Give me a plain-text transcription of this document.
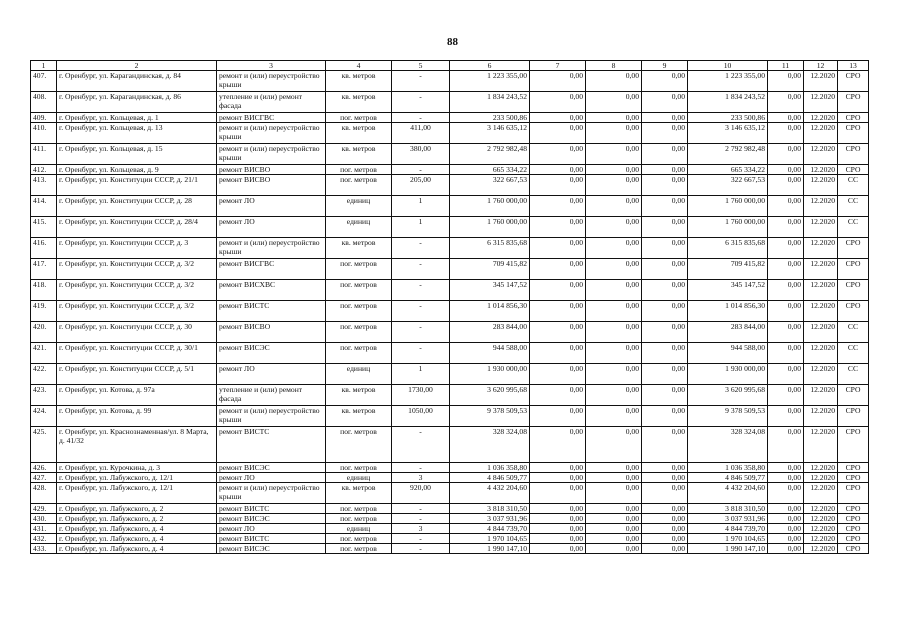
88
1	2	3	4	5	6	7	8	9	10	11	12	13
407.	г. Оренбург, ул. Карагандинская, д. 84	ремонт и (или) переустройство крыши	кв. метров	-	1 223 355,00	0,00	0,00	0,00	1 223 355,00	0,00	12.2020	СРО
408.	г. Оренбург, ул. Карагандинская, д. 86	утепление и (или) ремонт фасада	кв. метров	-	1 834 243,52	0,00	0,00	0,00	1 834 243,52	0,00	12.2020	СРО
409.	г. Оренбург, ул. Кольцевая, д. 1	ремонт ВИСГВС	пог. метров	-	233 500,86	0,00	0,00	0,00	233 500,86	0,00	12.2020	СРО
410.	г. Оренбург, ул. Кольцевая, д. 13	ремонт и (или) переустройство крыши	кв. метров	411,00	3 146 635,12	0,00	0,00	0,00	3 146 635,12	0,00	12.2020	СРО
411.	г. Оренбург, ул. Кольцевая, д. 15	ремонт и (или) переустройство крыши	кв. метров	380,00	2 792 982,48	0,00	0,00	0,00	2 792 982,48	0,00	12.2020	СРО
412.	г. Оренбург, ул. Кольцевая, д. 9	ремонт ВИСВО	пог. метров	-	665 334,22	0,00	0,00	0,00	665 334,22	0,00	12.2020	СРО
413.	г. Оренбург, ул. Конституции СССР, д. 21/1	ремонт ВИСВО	пог. метров	205,00	322 667,53	0,00	0,00	0,00	322 667,53	0,00	12.2020	СС
414.	г. Оренбург, ул. Конституции СССР, д. 28	ремонт ЛО	единиц	1	1 760 000,00	0,00	0,00	0,00	1 760 000,00	0,00	12.2020	СС
415.	г. Оренбург, ул. Конституции СССР, д. 28/4	ремонт ЛО	единиц	1	1 760 000,00	0,00	0,00	0,00	1 760 000,00	0,00	12.2020	СС
416.	г. Оренбург, ул. Конституции СССР, д. 3	ремонт и (или) переустройство крыши	кв. метров	-	6 315 835,68	0,00	0,00	0,00	6 315 835,68	0,00	12.2020	СРО
417.	г. Оренбург, ул. Конституции СССР, д. 3/2	ремонт ВИСГВС	пог. метров	-	709 415,82	0,00	0,00	0,00	709 415,82	0,00	12.2020	СРО
418.	г. Оренбург, ул. Конституции СССР, д. 3/2	ремонт ВИСХВС	пог. метров	-	345 147,52	0,00	0,00	0,00	345 147,52	0,00	12.2020	СРО
419.	г. Оренбург, ул. Конституции СССР, д. 3/2	ремонт ВИСТС	пог. метров	-	1 014 856,30	0,00	0,00	0,00	1 014 856,30	0,00	12.2020	СРО
420.	г. Оренбург, ул. Конституции СССР, д. 30	ремонт ВИСВО	пог. метров	-	283 844,00	0,00	0,00	0,00	283 844,00	0,00	12.2020	СС
421.	г. Оренбург, ул. Конституции СССР, д. 30/1	ремонт ВИСЭС	пог. метров	-	944 588,00	0,00	0,00	0,00	944 588,00	0,00	12.2020	СС
422.	г. Оренбург, ул. Конституции СССР, д. 5/1	ремонт ЛО	единиц	1	1 930 000,00	0,00	0,00	0,00	1 930 000,00	0,00	12.2020	СС
423.	г. Оренбург, ул. Котова, д. 97а	утепление и (или) ремонт фасада	кв. метров	1730,00	3 620 995,68	0,00	0,00	0,00	3 620 995,68	0,00	12.2020	СРО
424.	г. Оренбург, ул. Котова, д. 99	ремонт и (или) переустройство крыши	кв. метров	1050,00	9 378 509,53	0,00	0,00	0,00	9 378 509,53	0,00	12.2020	СРО
425.	г. Оренбург, ул. Краснознаменная/ул. 8 Марта, д. 41/32	ремонт ВИСТС	пог. метров	-	328 324,08	0,00	0,00	0,00	328 324,08	0,00	12.2020	СРО
426.	г. Оренбург, ул. Курочкина, д. 3	ремонт ВИСЭС	пог. метров	-	1 036 358,80	0,00	0,00	0,00	1 036 358,80	0,00	12.2020	СРО
427.	г. Оренбург, ул. Лабужского, д. 12/1	ремонт ЛО	единиц	3	4 846 509,77	0,00	0,00	0,00	4 846 509,77	0,00	12.2020	СРО
428.	г. Оренбург, ул. Лабужского, д. 12/1	ремонт и (или) переустройство крыши	кв. метров	920,00	4 432 204,60	0,00	0,00	0,00	4 432 204,60	0,00	12.2020	СРО
429.	г. Оренбург, ул. Лабужского, д. 2	ремонт ВИСТС	пог. метров	-	3 818 310,50	0,00	0,00	0,00	3 818 310,50	0,00	12.2020	СРО
430.	г. Оренбург, ул. Лабужского, д. 2	ремонт ВИСЭС	пог. метров	-	3 037 931,96	0,00	0,00	0,00	3 037 931,96	0,00	12.2020	СРО
431.	г. Оренбург, ул. Лабужского, д. 4	ремонт ЛО	единиц	3	4 844 739,70	0,00	0,00	0,00	4 844 739,70	0,00	12.2020	СРО
432.	г. Оренбург, ул. Лабужского, д. 4	ремонт ВИСТС	пог. метров	-	1 970 104,65	0,00	0,00	0,00	1 970 104,65	0,00	12.2020	СРО
433.	г. Оренбург, ул. Лабужского, д. 4	ремонт ВИСЭС	пог. метров	-	1 990 147,10	0,00	0,00	0,00	1 990 147,10	0,00	12.2020	СРО
